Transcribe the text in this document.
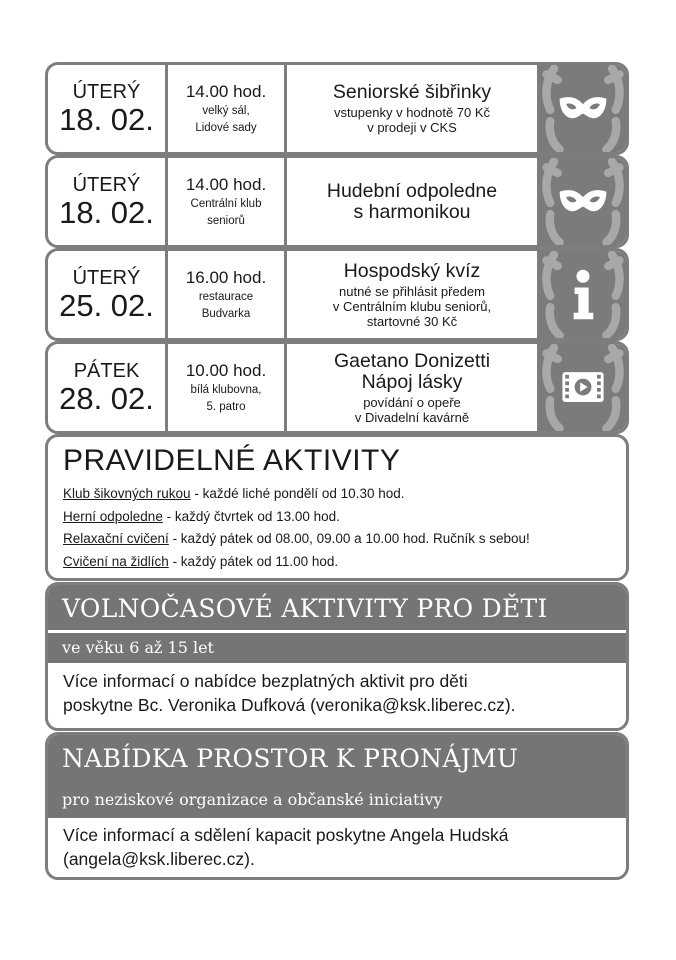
ÚTERÝ
18. 02.
14.00 hod.
velký sál,
Lidové sady
Seniorské šibřinky
vstupenky v hodnotě 70 Kč
v prodeji v CKS
ÚTERÝ
18. 02.
14.00 hod.
Centrální klub
seniorů
Hudební odpoledne
s harmonikou
ÚTERÝ
25. 02.
16.00 hod.
restaurace
Budvarka
Hospodský kvíz
nutné se přihlásit předem
v Centrálním klubu seniorů,
startovné 30 Kč
PÁTEK
28. 02.
10.00 hod.
bílá klubovna,
5. patro
Gaetano Donizetti
Nápoj lásky
povídání o opeře
v Divadelní kavárně
PRAVIDELNÉ AKTIVITY
Klub šikovných rukou - každé liché pondělí od 10.30 hod.
Herní odpoledne - každý čtvrtek od 13.00 hod.
Relaxační cvičení - každý pátek od 08.00, 09.00 a 10.00 hod. Ručník s sebou!
Cvičení na židlích - každý pátek od 11.00 hod.
VOLNOČASOVÉ AKTIVITY PRO DĚTI
ve věku 6 až 15 let
Více informací o nabídce bezplatných aktivit pro děti
poskytne Bc. Veronika Dufková (veronika@ksk.liberec.cz).
NABÍDKA PROSTOR K PRONÁJMU
pro neziskové organizace a občanské iniciativy
Více informací a sdělení kapacit poskytne Angela Hudská
(angela@ksk.liberec.cz).
